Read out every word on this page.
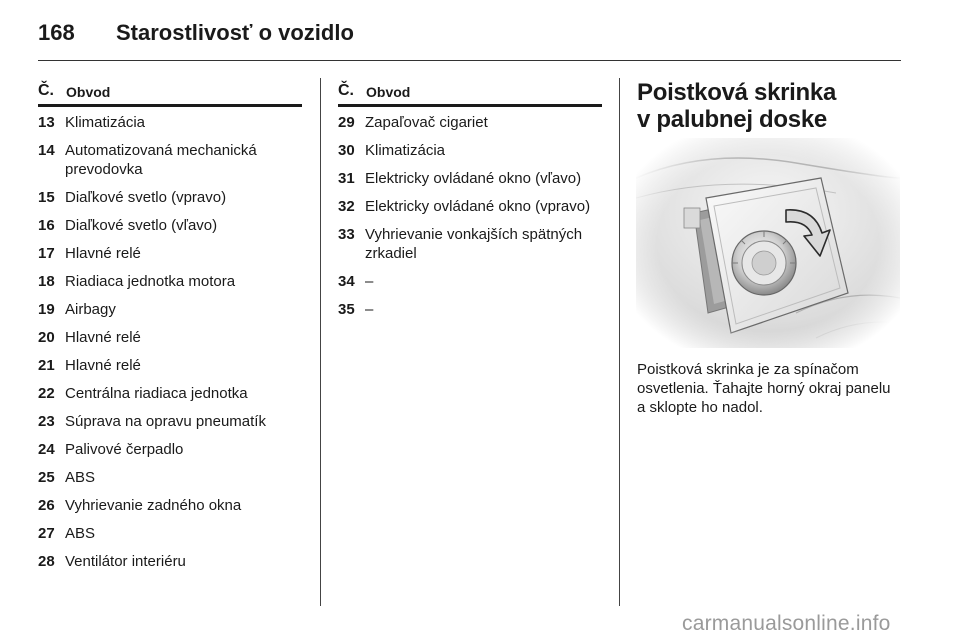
168	Starostlivosť o vozidlo
Č. Obvod
13 Klimatizácia
14 Automatizovaná mechanická prevodovka
15 Diaľkové svetlo (vpravo)
16 Diaľkové svetlo (vľavo)
17 Hlavné relé
18 Riadiaca jednotka motora
19 Airbagy
20 Hlavné relé
21 Hlavné relé
22 Centrálna riadiaca jednotka
23 Súprava na opravu pneumatík
24 Palivové čerpadlo
25 ABS
26 Vyhrievanie zadného okna
27 ABS
28 Ventilátor interiéru
Č. Obvod
29 Zapaľovač cigariet
30 Klimatizácia
31 Elektricky ovládané okno (vľavo)
32 Elektricky ovládané okno (vpravo)
33 Vyhrievanie vonkajších spätných zrkadiel
34 –
35 –
Poistková skrinka
v palubnej doske
Poistková skrinka je za spínačom osvetlenia. Ťahajte horný okraj panelu a sklopte ho nadol.
carmanualsonline.info
